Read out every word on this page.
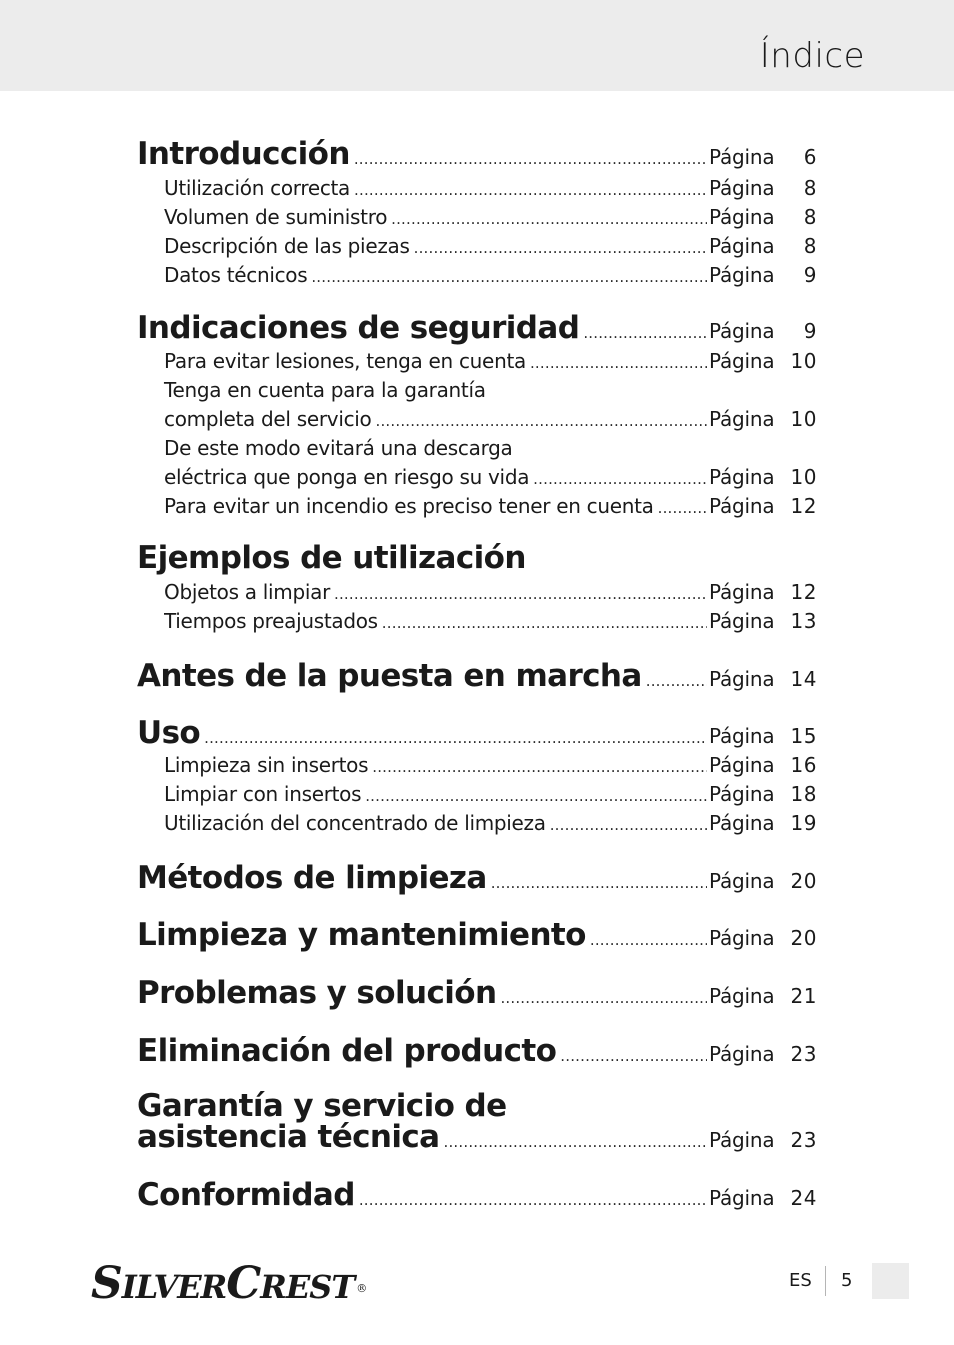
Índice
Introducción .....	Página	6
Utilización correcta .....	Página	8
Volumen de suministro .....	Página	8
Descripción de las piezas .....	Página	8
Datos técnicos .....	Página	9
Indicaciones de seguridad .....	Página	9
Para evitar lesiones, tenga en cuenta .....	Página 10
Tenga en cuenta para la garantía
completa del servicio .....	Página 10
De este modo evitará una descarga
eléctrica que ponga en riesgo su vida .....	Página 10
Para evitar un incendio es preciso tener en cuenta .....	Página 12
Ejemplos de utilización
Objetos a limpiar .....	Página 12
Tiempos preajustados .....	Página 13
Antes de la puesta en marcha .....	Página 14
Uso .....	Página 15
Limpieza sin insertos .....	Página 16
Limpiar con insertos .....	Página 18
Utilización del concentrado de limpieza .....	Página 19
Métodos de limpieza .....	Página 20
Limpieza y mantenimiento .....	Página 20
Problemas y solución .....	Página 21
Eliminación del producto .....	Página 23
Garantía y servicio de
asistencia técnica .....	Página 23
Conformidad .....	Página 24
SILVERCREST ®	ES 5
